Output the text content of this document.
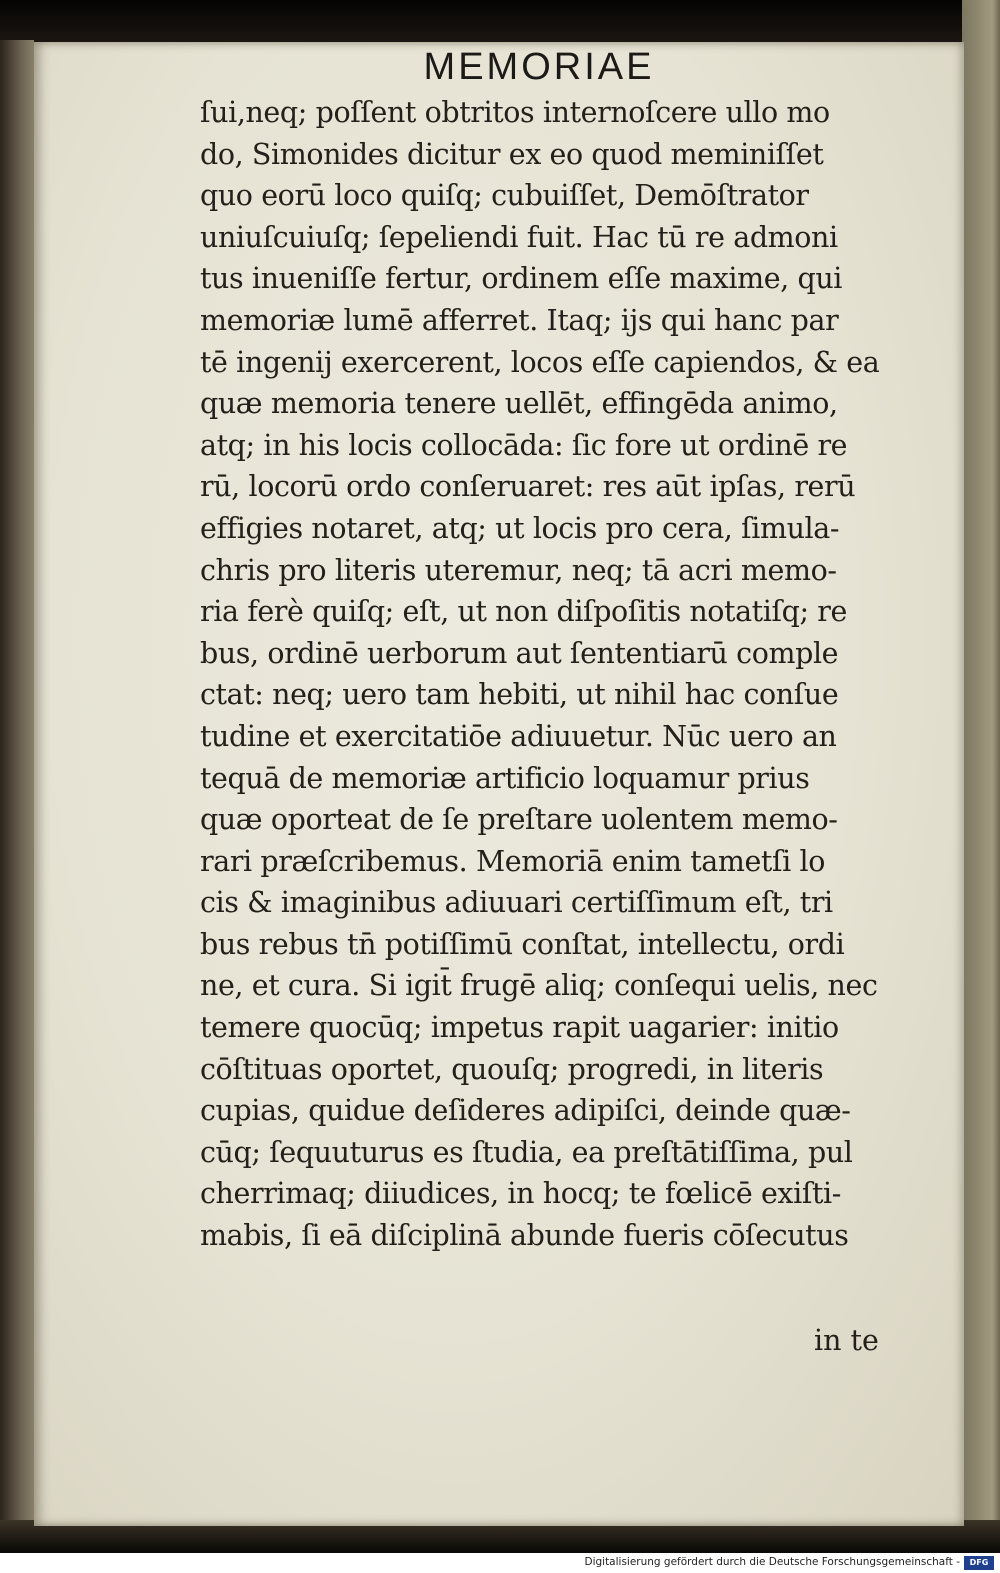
MEMORIAE
ſui,neq; poſſent obtritos internoſcere ullo mo
do, Simonides dicitur ex eo quod meminiſſet
quo eorū loco quiſq; cubuiſſet, Demōſtrator
uniuſcuiuſq; ſepeliendi fuit. Hac tū re admoni
tus inueniſſe fertur, ordinem eſſe maxime, qui
memoriæ lumē afferret. Itaq; ijs qui hanc par
tē ingenij exercerent, locos eſſe capiendos, & ea
quæ memoria tenere uellēt, effingēda animo,
atq; in his locis collocāda: ſic fore ut ordinē re
rū, locorū ordo conſeruaret: res aūt ipſas, rerū
effigies notaret, atq; ut locis pro cera, ſimula-
chris pro literis uteremur, neq; tā acri memo-
ria ferè quiſq; eſt, ut non diſpoſitis notatiſq; re
bus, ordinē uerborum aut ſententiarū comple
ctat: neq; uero tam hebiti, ut nihil hac conſue
tudine et exercitatiōe adiuuetur. Nūc uero an
tequā de memoriæ artificio loquamur prius
quæ oporteat de ſe preſtare uolentem memo-
rari præſcribemus. Memoriā enim tametſi lo
cis & imaginibus adiuuari certiſſimum eſt, tri
bus rebus tn̄ potiſſimū conſtat, intellectu, ordi
ne, et cura. Si igit̄ frugē aliq; conſequi uelis, nec
temere quocūq; impetus rapit uagarier: initio
cōſtituas oportet, quouſq; progredi, in literis
cupias, quidue deſideres adipiſci, deinde quæ-
cūq; ſequuturus es ſtudia, ea preſtātiſſima, pul
cherrimaq; diiudices, in hocq; te fœlicē exiſti-
mabis, ſi eā diſciplinā abunde fueris cōſecutus
in te
Digitalisierung gefördert durch die Deutsche Forschungsgemeinschaft -	DFG
